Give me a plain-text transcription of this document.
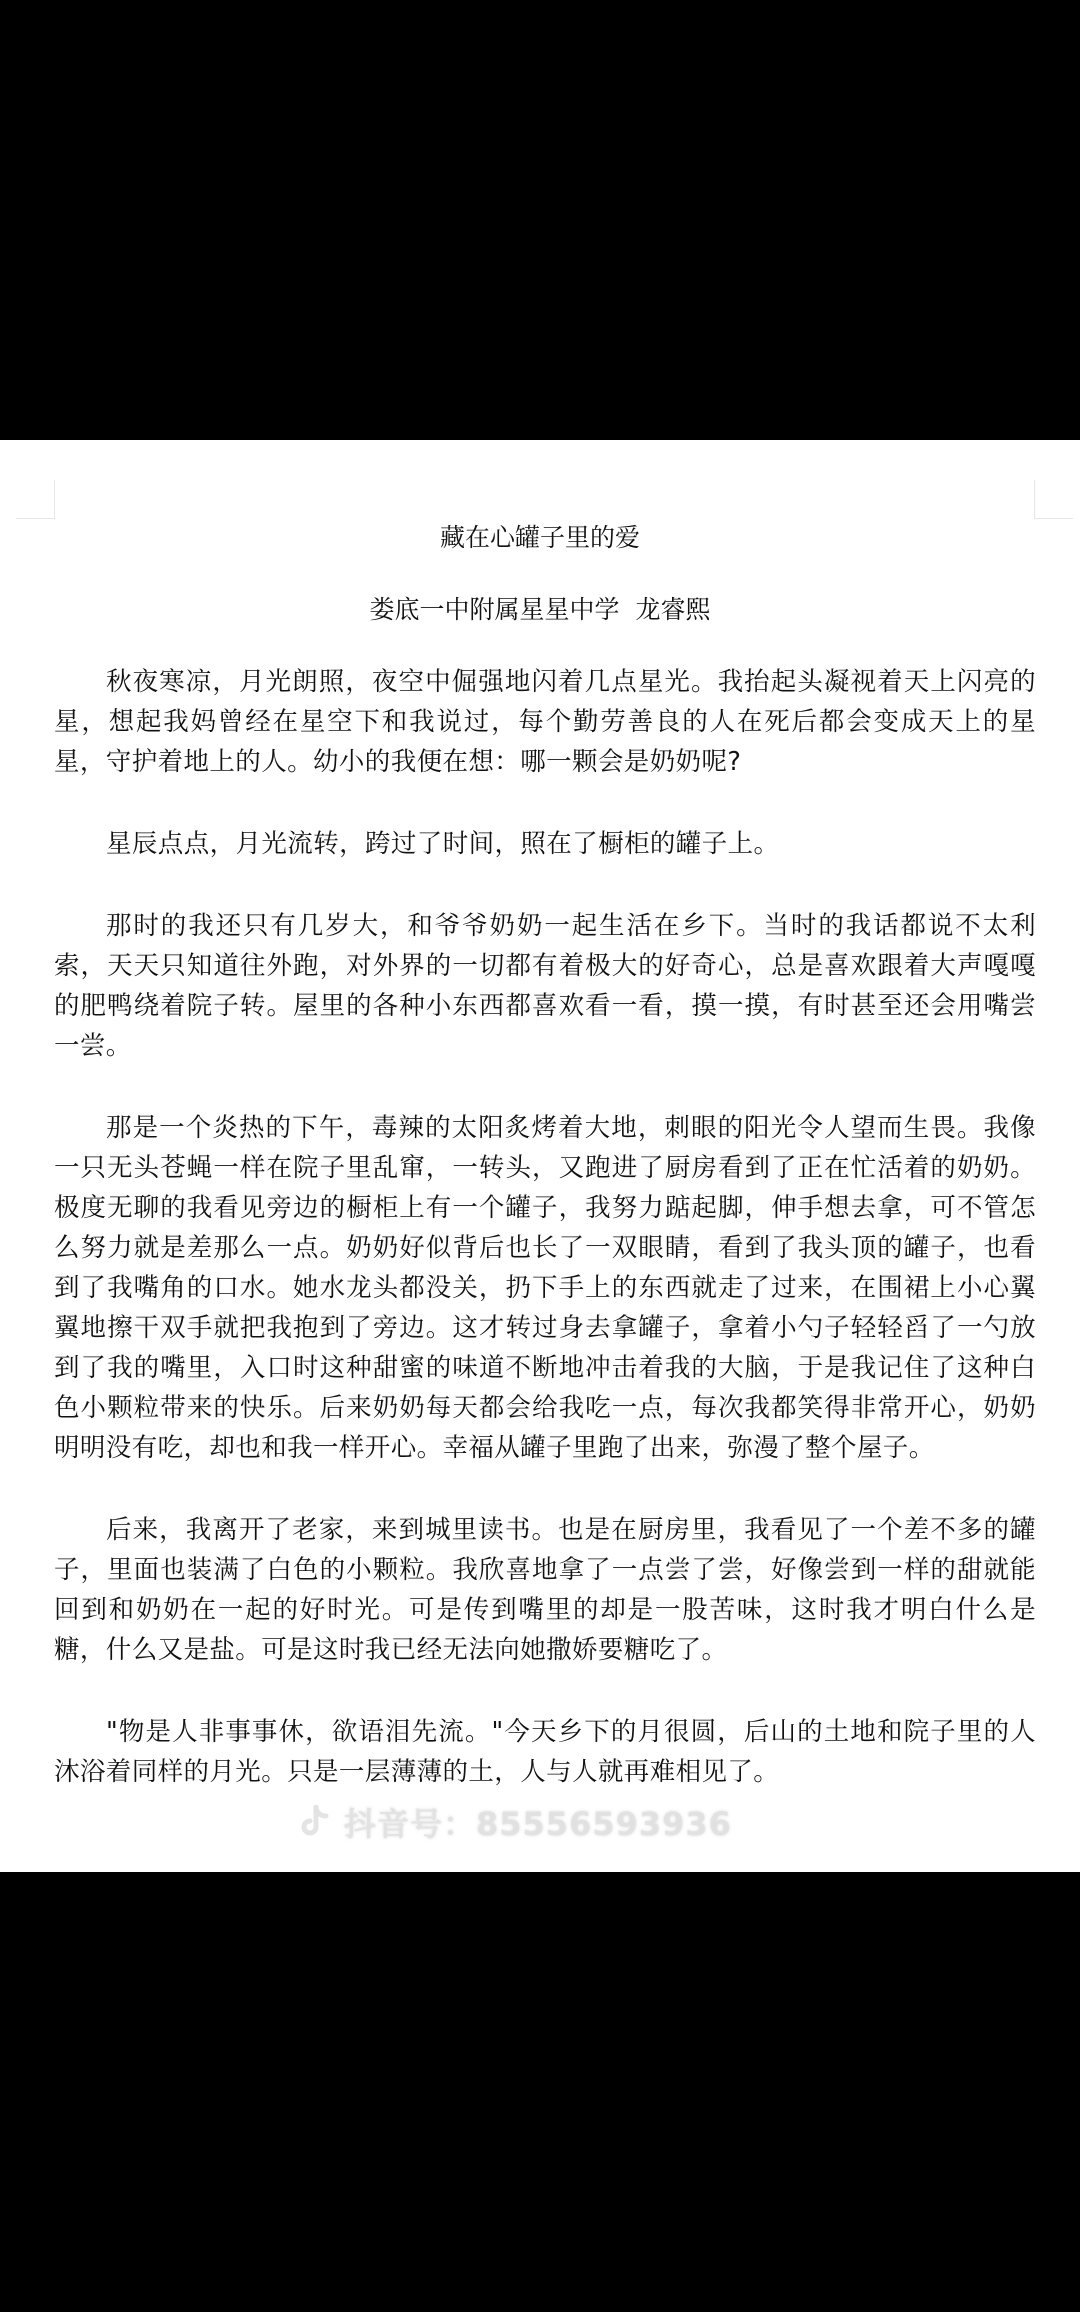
藏在心罐子里的爱
娄底一中附属星星中学  龙睿熙

秋夜寒凉，月光朗照，夜空中倔强地闪着几点星光。我抬起头凝视着天上闪亮的星，想起我妈曾经在星空下和我说过，每个勤劳善良的人在死后都会变成天上的星星，守护着地上的人。幼小的我便在想：哪一颗会是奶奶呢?

星辰点点，月光流转，跨过了时间，照在了橱柜的罐子上。

那时的我还只有几岁大，和爷爷奶奶一起生活在乡下。当时的我话都说不太利索，天天只知道往外跑，对外界的一切都有着极大的好奇心，总是喜欢跟着大声嘎嘎的肥鸭绕着院子转。屋里的各种小东西都喜欢看一看，摸一摸，有时甚至还会用嘴尝一尝。

那是一个炎热的下午，毒辣的太阳炙烤着大地，刺眼的阳光令人望而生畏。我像一只无头苍蝇一样在院子里乱窜，一转头，又跑进了厨房看到了正在忙活着的奶奶。极度无聊的我看见旁边的橱柜上有一个罐子，我努力踮起脚，伸手想去拿，可不管怎么努力就是差那么一点。奶奶好似背后也长了一双眼睛，看到了我头顶的罐子，也看到了我嘴角的口水。她水龙头都没关，扔下手上的东西就走了过来，在围裙上小心翼翼地擦干双手就把我抱到了旁边。这才转过身去拿罐子，拿着小勺子轻轻舀了一勺放到了我的嘴里，入口时这种甜蜜的味道不断地冲击着我的大脑，于是我记住了这种白色小颗粒带来的快乐。后来奶奶每天都会给我吃一点，每次我都笑得非常开心，奶奶明明没有吃，却也和我一样开心。幸福从罐子里跑了出来，弥漫了整个屋子。

后来，我离开了老家，来到城里读书。也是在厨房里，我看见了一个差不多的罐子，里面也装满了白色的小颗粒。我欣喜地拿了一点尝了尝，好像尝到一样的甜就能回到和奶奶在一起的好时光。可是传到嘴里的却是一股苦味，这时我才明白什么是糖，什么又是盐。可是这时我已经无法向她撒娇要糖吃了。

"物是人非事事休，欲语泪先流。"今天乡下的月很圆，后山的土地和院子里的人沐浴着同样的月光。只是一层薄薄的土，人与人就再难相见了。

抖音号：85556593936
